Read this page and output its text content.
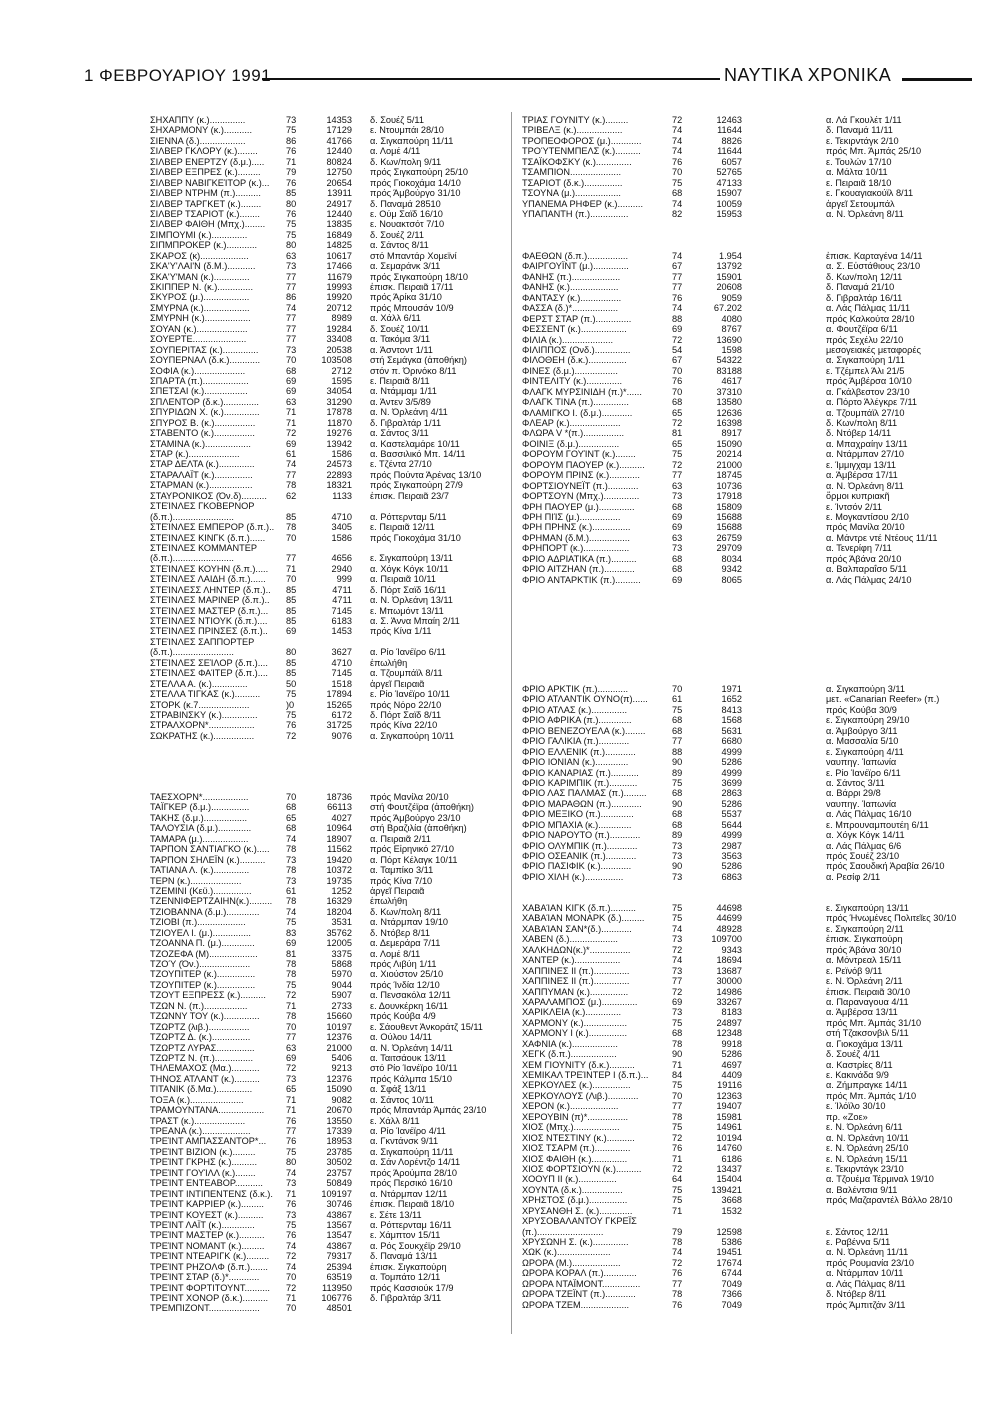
1 ΦΕΒΡΟΥΑΡΙΟΥ 1991	ΝΑΥΤΙΚΑ ΧΡΟΝΙΚΑ
ΣΗΧΑΠΠΥ (κ.)..............	73	14353 δ. Σουέζ 5/11
ΣΗΧΑΡΜΟΝΥ (κ.)...........	75	17129 ε. Ντουμπάι 28/10
ΣΙΕΝΝΑ (δ.)..................	86	41766 α. Σιγκαπούρη 11/11
ΣΙΛΒΕΡ ΓΚΛΟΡΥ (κ.)........	76	12440 α. Λομέ 4/11
ΣΙΛΒΕΡ ΕΝΕΡΤΖΥ (δ.μ.)..... 71	80824 δ. Κων/πολη 9/11
ΣΙΛΒΕΡ ΕΞΠΡΕΣ (κ.).........	79	12750 πρός Σιγκαπούρη 25/10
ΣΙΛΒΕΡ ΝΑΒΙΓΚΕΊΤΟΡ (κ.)... 76	20654 πρός Γιοκοχάμα 14/10
ΣΙΛΒΕΡ ΝΤΡΗΜ (π.)..........	85	13911 πρός Άμβούργο 31/10
ΣΙΛΒΕΡ ΤΑΡΓΚΕΤ (κ.)........	80	24917 δ. Παναμά 28510
ΣΙΛΒΕΡ ΤΣΑΡΙΟΤ (κ.)........	76	12440 ε. Ούμ Σαϊδ 16/10
ΣΙΛΒΕΡ ΦΑΙΘΗ (Μπχ.)........ 75	13835 ε. Νουακτσότ 7/10
ΣΙΜΠΟΥΜΙ (κ.)..............	75	16849 δ. Σουέζ 2/11
ΣΙΠΜΠΡΟΚΕΡ (κ.)............	80	14825 α. Σάντος 8/11
ΣΚΑΡΟΣ (κ)...................	63	10617 στό Μπαντάρ Χομεϊνί
ΣΚΑ'Υ'ΛΑΙ'Ν (δ.Μ.)...........	73	17466 α. Σεμαράνκ 3/11
ΣΚΑ'Υ'ΜΑΝ (κ.)..............	77	11679 πρός Σιγκαπούρη 18/10
ΣΚΙΠΠΕΡ Ν. (κ.)..............	77	19993 ἐπισκ. Πειραιᾶ 17/11
ΣΚΥΡΟΣ (μ.)..................	86	19920 πρός Άρίκα 31/10
ΣΜΥΡΝΑ (κ.)..................	74	20712 πρός Μπουσάν 10/9
ΣΜΥΡΝΗ (κ.)..................	77	8989 α. Χάλλ 6/11
ΣΟΥΑΝ (κ.)....................	77	19284 δ. Σουέζ 10/11
ΣΟΥΕΡΤΕ.....................	77	33408 α. Τακόμα 3/11
ΣΟΥΠΕΡΙΤΑΣ (κ.)..............	73	20538 α. Άσντοντ 1/11
ΣΟΥΠΕΡΝΑΛ (δ.κ.)............	70	103508 στή Σεμάγκα (ἀποθήκη)
ΣΟΦΙΑ (κ.)....................	68	2712 στόν π. Όρινόκο 8/11
ΣΠΑΡΤΑ (π.)..................	69	1595 ε. Πειραιᾶ 8/11
ΣΠΕΤΣΑΙ (κ.).................	69	34054 α. Ντάμμαμ 1/11
ΣΠΛΕΝΤΟΡ (δ.κ.)..............	63	31290 α. Άντεν 3/5/89
ΣΠΥΡΙΔΩΝ Χ. (κ.)..............	71	17878 α. Ν. Όρλεάνη 4/11
ΣΠΥΡΟΣ Β. (κ.)................	71	11870 δ. Γιβραλτάρ 1/11
ΣΤΑΒΕΝΤΟ (κ.)................	72	19276 α. Σάντος 3/11
ΣΤΑΜΙΝΑ (κ.)..................	69	13942 α. Καστελαμάρε 10/11
ΣΤΑΡ (κ.)....................	61	1586 α. Βασσιλικό Μπ. 14/11
ΣΤΑΡ ΔΕΛΤΑ (κ.)..............	74	24573 ε. Τζέντα 27/10
ΣΤΑΡΑΛΑΪΤ (κ.)...............	77	22893 πρός Πούντα Άρένας 13/10
ΣΤΑΡΜΑΝ (κ.).................	78	18321 πρός Σιγκαπούρη 27/9
ΣΤΑΥΡΟΝΙΚΟΣ (Όν.δ).......... 62	1133 ἐπισκ. Πειραιᾶ 23/7
ΣΤΕΊΝΛΕΣ ΓΚΟΒΕΡΝΟΡ
(δ.π.)........................	85	4710 α. Ρόττερνταμ 5/11
ΣΤΕΊΝΛΕΣ ΕΜΠΕΡΟΡ (δ.π.).. 78	3405 ε. Πειραιᾶ 12/11
ΣΤΕΊΝΛΕΣ ΚΙΝΓΚ (δ.π.)...... 70	1586 πρός Γιοκοχάμα 31/10
ΣΤΕΊΝΛΕΣ ΚΟΜΜΑΝΤΕΡ
(δ.π.)........................	77	4656 ε. Σιγκαπούρη 13/11
ΣΤΕΊΝΛΕΣ ΚΟΥΗΝ (δ.π.)..... 71	2940 α. Χόγκ Κόγκ 10/11
ΣΤΕΊΝΛΕΣ ΛΑΙΔΗ (δ.π.)...... 70	999 α. Πειραιᾶ 10/11
ΣΤΕΊΝΛΕΣΣ ΛΗΝΤΕΡ (δ.π.).. 85	4711 δ. Πόρτ Σαϊδ 16/11
ΣΤΕΊΝΛΕΣ ΜΑΡΙΝΕΡ (δ.π.).. 85	4711 α. Ν. Όρλεάνη 13/11
ΣΤΕΊΝΛΕΣ ΜΑΣΤΕΡ (δ.π.)... 85	7145 ε. Μπωμόντ 13/11
ΣΤΕΊΝΛΕΣ ΝΤΙΟΥΚ (δ.π.).... 85	6183 α. Σ. Άννα Μπαίη 2/11
ΣΤΕΊΝΛΕΣ ΠΡΙΝΣΕΣ (δ.π.).. 69	1453 πρός Κίνα 1/11
ΣΤΕΊΝΛΕΣ ΣΑΠΠΟΡΤΕΡ
(δ.π.)........................	80	3627 α. Ρίο Ίανέϊρο 6/11
ΣΤΕΊΝΛΕΣ ΣΕΊΛΟΡ (δ.π.).... 85	4710 ἐπωλήθη
ΣΤΕΊΝΛΕΣ ΦΑΊΤΕΡ (δ.π.).... 85	7145 α. Τζουμπάϊλ 8/11
ΣΤΕΛΛΑ Α. (κ.)..............	50	1518 ἀργεῖ Πειραιᾶ
ΣΤΕΛΛΑ ΤΙΓΚΑΣ (κ.)..........	75	17894 ε. Ρίο Ίανέϊρο 10/11
ΣΤΟΡΚ (κ.7....................	)0	15265 πρός Νόρο 22/10
ΣΤΡΑΒΙΝΣΚΥ (κ.)..............	75	6172 δ. Πόρτ Σαϊδ 8/11
ΣΤΡΑΛΧΟΡΝ*..................	76	31725 πρός Κίνα 22/10
ΣΩΚΡΑΤΗΣ (κ.)................	72	9076 α. Σιγκαπούρη 10/11
ΤΑΕΣΧΟΡΝ*..................	70	18736 πρός Μανίλα 20/10
ΤΑΪΓΚΕΡ (δ.μ.)...............	68	66113 στή Φουτζέϊρα (ἀποθήκη)
ΤΑΚΗΣ (δ.μ.).................	65	4027 πρός Άμβούργο 23/10
ΤΑΛΟΥΣΙΑ (δ.μ.).............	68	10964 στή Βραζιλία (ἀποθήκη)
ΤΑΜΑΡΑ (μ.)..................	74	18907 α. Πειραιᾶ 2/11
ΤΑΡΠΟΝ ΣΑΝΤΙΑΓΚΟ (κ.)..... 78	11562 πρός Εἰρηνικό 27/10
ΤΑΡΠΟΝ ΣΗΛΕΪΝ (κ.).......... 73	19420 α. Πόρτ Κέλαγκ 10/11
ΤΑΤΙΑΝΑ Λ. (κ.)..............	78	10372 α. Ταμπίκο 3/11
ΤΕΡΝ (κ.)....................	73	19735 πρός Κίνα 7/10
ΤΖΕΜΙΝΙ (Κεϋ.)...............	61	1252 ἀργεῖ Πειραιᾶ
ΤΖΕΝΝΙΦΕΡΤΖΑΙΗΝ(κ.)......... 78	16329 ἐπωλήθη
ΤΖΙΟΒΑΝΝΑ (δ.μ.).............	74	18204 δ. Κων/πολη 8/11
ΤΖΙΟΒΙ (π.)...................	75	3531 α. Ντάρμπαν 19/10
ΤΖΙΟΥΕΛ Ι. (μ.)...............	83	35762 δ. Ντόβερ 8/11
ΤΖΟΑΝΝΑ Π. (μ.).............	69	12005 α. Δεμεράρα 7/11
ΤΖΟΖΕΦΑ (Μ)...................	81	3375 α. Λομέ 8/11
ΤΖΟΎ (Όν.)....................	78	5868 πρός Λιβύη 1/11
ΤΖΟΥΠΙΤΕΡ (κ.)...............	78	5970 α. Χιούστον 25/10
ΤΖΟΥΠΙΤΕΡ (κ.)...............	75	9044 πρός Ίνδία 12/10
ΤΖΟΥΤ ΕΞΠΡΕΣΣ (κ.).......... 72	5907 α. Πενσακόλα 12/11
ΤΖΩΝ Ν. (π.).................	71	2733 ε. Δουνκέρκη 16/11
ΤΖΩΝΝΥ ΤΟΥ (κ.)..............	78	15660 πρός Κούβα 4/9
ΤΖΩΡΤΖ (λιβ.)................	70	10197 ε. Σάουθεντ Άνκοράτζ 15/11
ΤΖΩΡΤΖ Δ. (κ.)...............	77	12376 α. Ούλου 14/11
ΤΖΩΡΤΖ ΛΥΡΑΣ...............	63	21000 α. Ν. Όρλεάνη 14/11
ΤΖΩΡΤΖ Ν. (π.)...............	69	5406 α. Ταιτσάουκ 13/11
ΤΗΛΕΜΑΧΟΣ (Μα.)...........	72	9213 στό Ρίο Ίανέϊρο 10/11
ΤΗΝΟΣ ΑΤΛΑΝΤ (κ.)..........	73	12376 πρός Κάλμπα 15/10
ΤΙΤΑΝΙΚ (δ.Μα.)..............	65	15090 α. Σφάξ 13/11
ΤΟΞΑ (κ.).....................	71	9082 α. Σάντος 10/11
ΤΡΑΜΟΥΝΤΑΝΑ.................. 71	20670 πρός Μπαντάρ Άμπάς 23/10
ΤΡΑΣΤ (κ.)....................	76	13550 ε. Χάλλ 8/11
ΤΡΕΑΝΑ (κ.)...................	77	17339 α. Ρίο Ίανέϊρο 4/11
ΤΡΕΊΝΤ ΑΜΠΑΣΣΑΝΤΟΡ*... 76	18953 α. Γκντάνσκ 9/11
ΤΡΕΊΝΤ ΒΙΖΙΟΝ (κ.).........	75	23785 α. Σιγκαπούρη 11/11
ΤΡΕΊΝΤ ΓΚΡΗΣ (κ.)..........	80	30502 α. Σάν Λορέντζο 14/11
ΤΡΕΊΝΤ ΓΟΥΊΛΛ (κ.)........	74	23757 πρός Άρούμπα 28/10
ΤΡΕΊΝΤ ΕΝΤΕΑΒΟΡ...........	73	50849 πρός Περσικό 16/10
ΤΡΕΊΝΤ ΙΝΤΙΠΕΝΤΕΝΣ (δ.κ.). 71	109197 α. Ντάρμπαν 12/11
ΤΡΕΊΝΤ ΚΑΡΡΙΕΡ (κ.)......... 76	30746 ἐπισκ. Πειραιᾶ 18/10
ΤΡΕΊΝΤ ΚΟΥΕΣΤ (κ.).......... 73	43867 ε. Σέτε 13/11
ΤΡΕΊΝΤ ΛΑΪΤ (κ.).............	75	13567 α. Ρόττερνταμ 16/11
ΤΡΕΊΝΤ ΜΑΣΤΕΡ (κ.).......... 76	13547 ε. Χάμπτον 15/11
ΤΡΕΊΝΤ ΝΟΜΑΝΤ (κ.)......... 74	43867 α. Ρός Σουκχέϊρ 29/10
ΤΡΕΊΝΤ ΝΤΕΑΡΙΓΚ (κ.)......... 72	79317 δ. Παναμά 13/11
ΤΡΕΊΝΤ ΡΗΖΟΛΦ (δ.π.)....... 74	25394 ἐπισκ. Σιγκαπούρη
ΤΡΕΊΝΤ ΣΤΑΡ (δ.)*............	70	63519 α. Τομπάτο 12/11
ΤΡΕΊΝΤ ΦΟΡΤΙΤΟΥΝΤ.......... 72	113950 πρός Κασσιούκ 17/9
ΤΡΕΊΝΤ ΧΟΝΟΡ (δ.κ.).......... 71	106776 δ. Γιβραλτάρ 3/11
ΤΡΕΜΠΙΖΟΝΤ....................	70	48501
ΤΡΙΑΣ ΓΟΥΝΙΤΥ (κ.).........	72	12463	α. Λά Γκουλέτ 1/11
ΤΡΙΒΕΛΞ (κ.)..................	74	11644	δ. Παναμά 11/11
ΤΡΟΠΕΟΦΟΡΟΣ (μ.)............	74	8826	ε. Τεκιρντάγκ 2/10
ΤΡΟΎΤΕΝΜΠΕΛΣ (κ.)..........	74	11644	πρός Μπ. Άμπάς 25/10
ΤΣΑΪΚΟΦΣΚΥ (κ.)..............	76	6057	ε. Τουλών 17/10
ΤΣΑΜΠΙΟΝ....................	70	52765	α. Μάλτα 10/11
ΤΣΑΡΙΟΤ (δ.κ.)...............	75	47133	ε. Πειραιᾶ 18/10
ΤΣΟΥΝΑ (μ.)..................	68	15907	ε. Γκουαγιακούϊλ 8/11
ΥΠΑΝΕΜΑ ΡΗΦΕΡ (κ.)..........	74	10059	ἀργεῖ Σετουμπάλ
ΥΠΑΠΑΝΤΗ (π.)...............	82	15953	α. Ν. Όρλεάνη 8/11
ΦΑΕΘΩΝ (δ.π.)................	74	1.954	ἐπισκ. Καρταγένα 14/11
ΦΑΙΡΓΟΥΪΝΤ (μ.)..............	67	13792	α. Σ. Εὐστάθιους 23/10
ΦΑΝΗΣ (π.)...................	77	15901	δ. Κων/πολη 12/11
ΦΑΝΗΣ (κ.)...................	77	20608	δ. Παναμά 21/10
ΦΑΝΤΑΣΥ (κ.)................	76	9059	δ. Γιβραλτάρ 16/11
ΦΑΣΣΑ (δ.)*..................	74	67.202	α. Λάς Πάλμας 11/11
ΦΕΡΣΤ ΣΤΑΡ (π.)..............	88	4080	πρός Καλκούτα 28/10
ΦΕΣΣΕΝΤ (κ.)..................	69	8767	α. Φουτζέϊρα 6/11
ΦΙΛΙΑ (κ.)....................	72	13690	πρός Σεχέλυ 22/10
ΦΙΛΙΠΠΟΣ (Ονδ.)..............	54	1598	μεσογειακές μεταφορές
ΦΙΛΟΘΕΗ (δ.κ.)...............	67	54322	α. Σιγκαπούρη 1/11
ΦΙΝΕΣ (δ.μ.).................	70	83188	ε. Τζέμπελ Άλι 21/5
ΦΙΝΤΕΛΙΤΥ (κ.)..............	76	4617	πρός Άμβέρσα 10/10
ΦΛΑΓΚ ΜΥΡΣΙΝΙΔΗ (π.)*......	70	37310	α. Γκάλβεστον 23/10
ΦΛΑΓΚ ΤΙΝΑ (π.)..............	68	13580	α. Πόρτο Άλέγκρε 7/11
ΦΛΑΜΙΓΚΟ Ι. (δ.μ.)............	65	12636	α. Τζουμπάϊλ 27/10
ΦΛΕΑΡ (κ.)....................	72	16398	δ. Κων/πολη 8/11
ΦΛΩΡΑ V *(π.)................	81	8917	δ. Ντόβερ 14/11
ΦΟΙΝΙΞ (δ.μ.)................	65	15090	α. Μπαχραίην 13/11
ΦΟΡΟΥΜ ΓΟΥΊΝΤ (κ.)........	75	20214	α. Ντάρμπαν 27/10
ΦΟΡΟΥΜ ΠΑΟΥΕΡ (κ.)..........	72	21000	ε. Ίμμιγχαμ 13/11
ΦΟΡΟΥΜ ΠΡΙΝΣ (κ.)............	77	18745	α. Άμβέρσα 17/11
ΦΟΡΤΣΙΟΥΝΕΪΤ (π.)............	63	10736	α. Ν. Όρλεάνη 8/11
ΦΟΡΤΣΟΥΝ (Μπχ.)..............	73	17918	ὅρμοι κυπριακῆ
ΦΡΗ ΠΑΟΥΕΡ (μ.)..............	68	15809	ε. Ίντσόν 2/11
ΦΡΗ ΠΙΊΣ (μ.)................	69	15688	ε. Μογκαντίσου 2/10
ΦΡΗ ΠΡΗΝΣ (κ.)...............	69	15688	πρός Μανίλα 20/10
ΦΡΗΜΑΝ (δ.Μ.)................	63	26759	α. Μάντρε ντέ Ντέους 11/11
ΦΡΗΠΟΡΤ (κ.)..................	73	29709	α. Τενερίφη 7/11
ΦΡΙΟ ΑΔΡΙΑΤΙΚΑ (π.)..........	68	8034	πρός Άβάνα 20/10
ΦΡΙΟ ΑΙΤΖΗΑΝ (π.)............	68	9342	α. Βαλπαραΐσο 5/11
ΦΡΙΟ ΑΝΤΑΡΚΤΙΚ (π.)..........	69	8065	α. Λάς Πάλμας 24/10
ΦΡΙΟ ΑΡΚΤΙΚ (π.)............	70	1971	α. Σιγκαπούρη 3/11
ΦΡΙΟ ΑΤΛΑΝΤΙΚ ΟΥΝΟ(π)......	61	1652	μετ. «Canarian Reefer» (π.)
ΦΡΙΟ ΑΤΛΑΣ (κ.)..............	75	8413	πρός Κούβα 30/9
ΦΡΙΟ ΑΦΡΙΚΑ (π.).............	68	1568	ε. Σιγκαπούρη 29/10
ΦΡΙΟ ΒΕΝΕΖΟΥΕΛΑ (κ.)........	68	5631	α. Άμβούργο 3/11
ΦΡΙΟ ΓΑΛΙΚΙΑ (π.)............	77	6680	α. Μασσαλία 5/10
ΦΡΙΟ ΕΛΛΕΝΙΚ (π.)............	88	4999	ε. Σιγκαπούρη 4/11
ΦΡΙΟ ΙΟΝΙΑΝ (κ.).............	90	5286	ναυπηγ. Ίαπωνία
ΦΡΙΟ ΚΑΝΑΡΙΑΣ (π.)...........	89	4999	ε. Ρίο Ίανέϊρο 6/11
ΦΡΙΟ ΚΑΡΙΜΠΙΚ (π.)...........	75	3699	α. Σάντος 3/11
ΦΡΙΟ ΛΑΣ ΠΑΛΜΑΣ (π.).........	68	2863	α. Βάρρι 29/8
ΦΡΙΟ ΜΑΡΑΘΩΝ (π.)............	90	5286	ναυπηγ. Ίαπωνία
ΦΡΙΟ ΜΕΞΙΚΟ (π.).............	68	5537	α. Λάς Πάλμας 16/10
ΦΡΙΟ ΜΠΑΧΙΑ (κ.).............	68	5644	ε. Μπρουναμπουτέη 6/11
ΦΡΙΟ ΝΑΡΟΥΤΟ (π.)............	89	4999	α. Χόγκ Κόγκ 14/11
ΦΡΙΟ ΟΛΥΜΠΙΚ (π.)............	73	2987	α. Λάς Πάλμας 6/6
ΦΡΙΟ ΟΣΕΑΝΙΚ (π.)............	73	3563	πρός Σουέζ 23/10
ΦΡΙΟ ΠΑΣΙΦΙΚ (κ.)............	90	5286	πρός Σαουδική Άραβία 26/10
ΦΡΙΟ ΧΙΛΗ (κ.)...............	73	6863	α. Ρεσίφ 2/11
ΧΑΒΑΊΑΝ ΚΙΓΚ (δ.π.)..........	75	44698	ε. Σιγκαπούρη 13/11
ΧΑΒΑΊΑΝ ΜΟΝΑΡΚ (δ.).........	75	44699	πρός Ήνωμένες Πολιτεῖες 30/10
ΧΑΒΑΊΑΝ ΣΑΝ*(δ.)............	74	48928	ε. Σιγκαπούρη 2/11
ΧΑΒΕΝ (δ.)...................	73	109700	ἐπισκ. Σιγκαπούρη
ΧΑΛΚΗΔΩΝ(κ.)*................	72	9343	πρός Άβάνα 30/10
ΧΑΝΤΕΡ (κ.)..................	74	18694	α. Μόντρεαλ 15/11
ΧΑΠΠΙΝΕΣ ΙΙ (π.)..............	73	13687	ε. Ρεϊνόβ 9/11
ΧΑΠΠΙΝΕΣ ΙΙ (π.)..............	77	30000	ε. Ν. Όρλεάνη 2/11
ΧΑΠΠΥΜΑΝ (κ.)...............	72	14986	ἐπισκ. Πειραιᾶ 30/10
ΧΑΡΑΛΑΜΠΟΣ (μ.)..............	69	33267	α. Παραναγουα 4/11
ΧΑΡΙΚΛΕΙΑ (κ.)..............	73	8183	α. Άμβέρσα 13/11
ΧΑΡΜΟΝΥ (κ.).................	75	24897	πρός Μπ. Άμπάς 31/10
ΧΑΡΜΟΝΥ Ι (κ.)...............	68	12348	στή Τζακσονβιλ 5/11
ΧΑΦΝΙΑ (κ.)..................	78	9918	α. Γιοκοχάμα 13/11
ΧΕΓΚ (δ.π.)..................	90	5286	δ. Σουέζ 4/11
ΧΕΜ ΓΙΟΥΝΙΤΥ (δ.κ.)..........	71	4697	α. Καστρίες 8/11
ΧΕΜΙΚΑΛ ΤΡΕΊΝΤΕΡ Ι (δ.π.)...	84	4409	ε. Κακινάδα 9/9
ΧΕΡΚΟΥΛΕΣ (κ.)...............	75	19116	α. Ζήμπραγκε 14/11
ΧΕΡΚΟΥΛΟΥΣ (Λιβ.)............	70	12363	πρός Μπ. Άμπάς 1/10
ΧΕΡΟΝ (κ.)...................	77	19407	ε. Ίλόϊλο 30/10
ΧΕΡΟΥΒΙΝ (π)*................	78	15981	πρ. «Ζοε»
ΧΙΟΣ (Μπχ.)..................	75	14961	ε. Ν. Όρλεάνη 6/11
ΧΙΟΣ ΝΤΕΣΤΙΝΥ (κ.)...........	72	10194	α. Ν. Όρλεάνη 10/11
ΧΙΟΣ ΤΣΑΡΜ (π.)..............	76	14760	ε. Ν. Όρλεάνη 25/10
ΧΙΟΣ ΦΑΙΘΗ (κ.)..............	71	6186	ε. Ν. Όρλεάνη 15/11
ΧΙΟΣ ΦΟΡΤΣΙΟΥΝ (κ.)..........	72	13437	ε. Τεκιρντάγκ 23/10
ΧΟΟΥΠ ΙΙ (κ.)...............	64	15404	α. Τζουέμα Τέρμιναλ 19/10
ΧΟΥΝΤΑ (δ.κ.)................	75	139421	α. Βαλέντσια 9/11
ΧΡΗΣΤΟΣ (δ.μ.)...............	75	3668	πρός Μαζαραντέλ Βάλλο 28/10
ΧΡΥΣΑΝΘΗ Σ. (κ.).............	71	1532
ΧΡΥΣΟΒΑΛΑΝΤΟΥ ΓΚΡΕΪΣ
(π.)..........................	79	12598	ε. Σάντος 12/11
ΧΡΥΣΩΝΗ Σ. (κ.)..............	78	5386	ε. Ραβέννα 5/11
ΧΩΚ (κ.).....................	74	19451	α. Ν. Όρλεάνη 11/11
ΩΡΟΡΑ (Μ.)...................	72	17674	πρός Ρουμανία 23/10
ΩΡΟΡΑ ΚΟΡΑΛ (π.).............	76	6744	α. Ντάρμπαν 10/11
ΩΡΟΡΑ ΝΤΑΪΜΟΝΤ...............	77	7049	α. Λάς Πάλμας 8/11
ΩΡΟΡΑ ΤΖΕΪΝΤ (π.)............	78	7366	δ. Ντόβερ 8/11
ΩΡΟΡΑ ΤΖΕΜ...................	76	7049	πρός Άμπιτζάν 3/11
